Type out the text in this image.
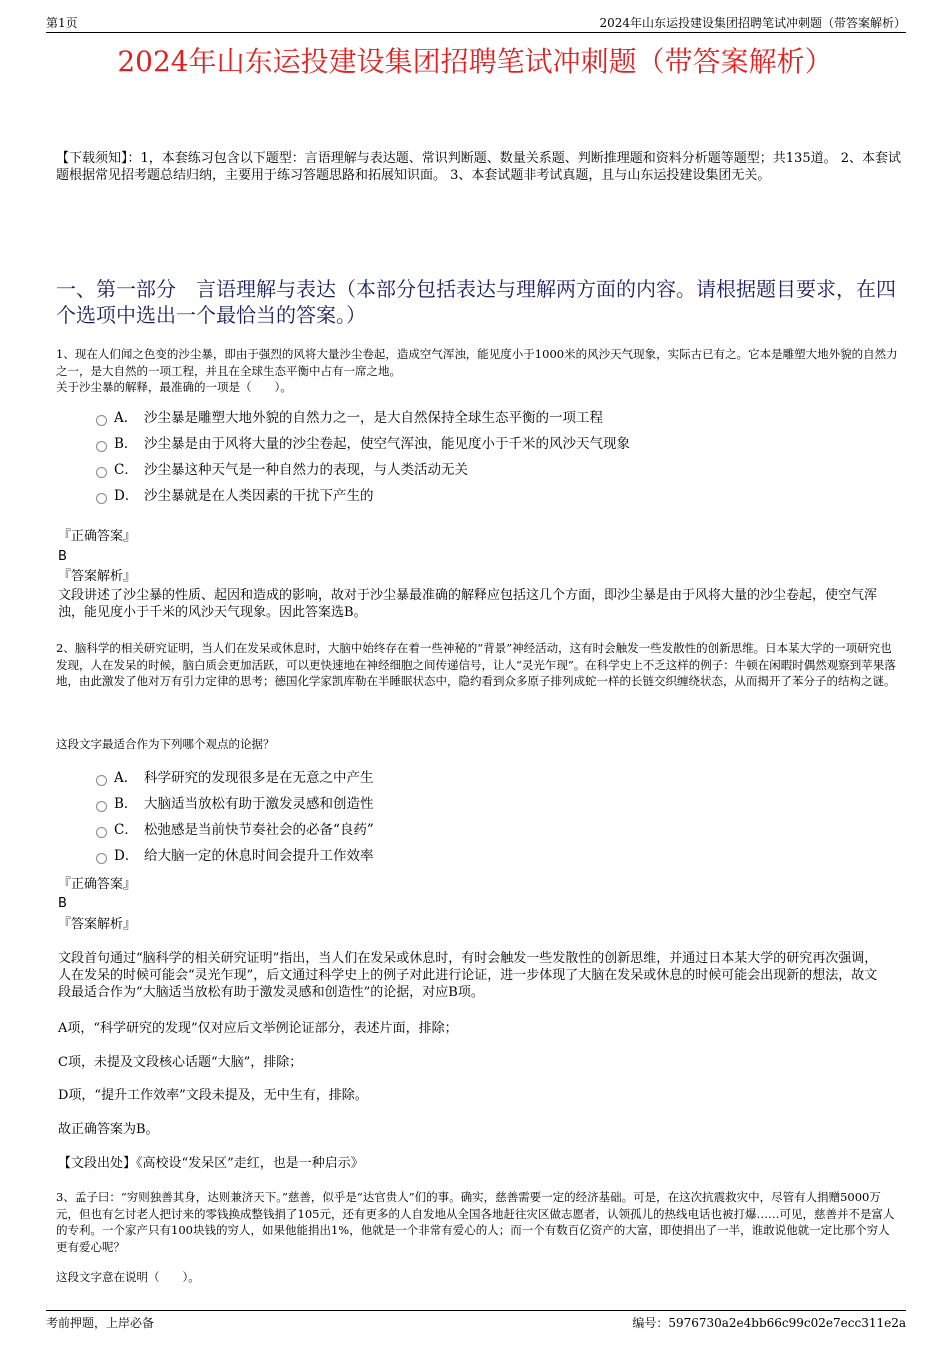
第1页	2024年山东运投建设集团招聘笔试冲刺题（带答案解析）
2024年山东运投建设集团招聘笔试冲刺题（带答案解析）
【下载须知】：1，本套练习包含以下题型：言语理解与表达题、常识判断题、数量关系题、判断推理题和资料分析题等题型；共135道。 2、本套试题根据常见招考题总结归纳，主要用于练习答题思路和拓展知识面。 3、本套试题非考试真题，且与山东运投建设集团无关。
一、第一部分　言语理解与表达（本部分包括表达与理解两方面的内容。请根据题目要求，在四个选项中选出一个最恰当的答案。）
1、现在人们闻之色变的沙尘暴，即由于强烈的风将大量沙尘卷起，造成空气浑浊，能见度小于1000米的风沙天气现象，实际古已有之。它本是雕塑大地外貌的自然力之一，是大自然的一项工程，并且在全球生态平衡中占有一席之地。
关于沙尘暴的解释，最准确的一项是（　　）。
A． 沙尘暴是雕塑大地外貌的自然力之一，是大自然保持全球生态平衡的一项工程
B． 沙尘暴是由于风将大量的沙尘卷起，使空气浑浊，能见度小于千米的风沙天气现象
C． 沙尘暴这种天气是一种自然力的表现，与人类活动无关
D． 沙尘暴就是在人类因素的干扰下产生的
『正确答案』
B
『答案解析』
文段讲述了沙尘暴的性质、起因和造成的影响，故对于沙尘暴最准确的解释应包括这几个方面，即沙尘暴是由于风将大量的沙尘卷起，使空气浑浊，能见度小于千米的风沙天气现象。因此答案选B。
2、脑科学的相关研究证明，当人们在发呆或休息时，大脑中始终存在着一些神秘的“背景”神经活动，这有时会触发一些发散性的创新思维。日本某大学的一项研究也发现，人在发呆的时候，脑白质会更加活跃，可以更快速地在神经细胞之间传递信号，让人“灵光乍现”。在科学史上不乏这样的例子：牛顿在闲暇时偶然观察到苹果落地，由此激发了他对万有引力定律的思考；德国化学家凯库勒在半睡眠状态中，隐约看到众多原子排列成蛇一样的长链交织缠绕状态，从而揭开了苯分子的结构之谜。
这段文字最适合作为下列哪个观点的论据？
A． 科学研究的发现很多是在无意之中产生
B． 大脑适当放松有助于激发灵感和创造性
C． 松弛感是当前快节奏社会的必备“良药”
D． 给大脑一定的休息时间会提升工作效率
『正确答案』
B
『答案解析』
文段首句通过“脑科学的相关研究证明”指出，当人们在发呆或休息时，有时会触发一些发散性的创新思维，并通过日本某大学的研究再次强调，人在发呆的时候可能会“灵光乍现”，后文通过科学史上的例子对此进行论证，进一步体现了大脑在发呆或休息的时候可能会出现新的想法，故文段最适合作为“大脑适当放松有助于激发灵感和创造性”的论据，对应B项。
A项，“科学研究的发现”仅对应后文举例论证部分，表述片面，排除；
C项，未提及文段核心话题“大脑”，排除；
D项，“提升工作效率”文段未提及，无中生有，排除。
故正确答案为B。
【文段出处】《高校设“发呆区”走红，也是一种启示》
3、孟子曰：“穷则独善其身，达则兼济天下。”慈善，似乎是“达官贵人”们的事。确实，慈善需要一定的经济基础。可是，在这次抗震救灾中，尽管有人捐赠5000万元，但也有乞讨老人把讨来的零钱换成整钱捐了105元，还有更多的人自发地从全国各地赶往灾区做志愿者，认领孤儿的热线电话也被打爆……可见，慈善并不是富人的专利。一个家产只有100块钱的穷人，如果他能捐出1%，他就是一个非常有爱心的人；而一个有数百亿资产的大富，即使捐出了一半，谁敢说他就一定比那个穷人更有爱心呢？
这段文字意在说明（　　）。
考前押题，上岸必备	编号：5976730a2e4bb66c99c02e7ecc311e2a
